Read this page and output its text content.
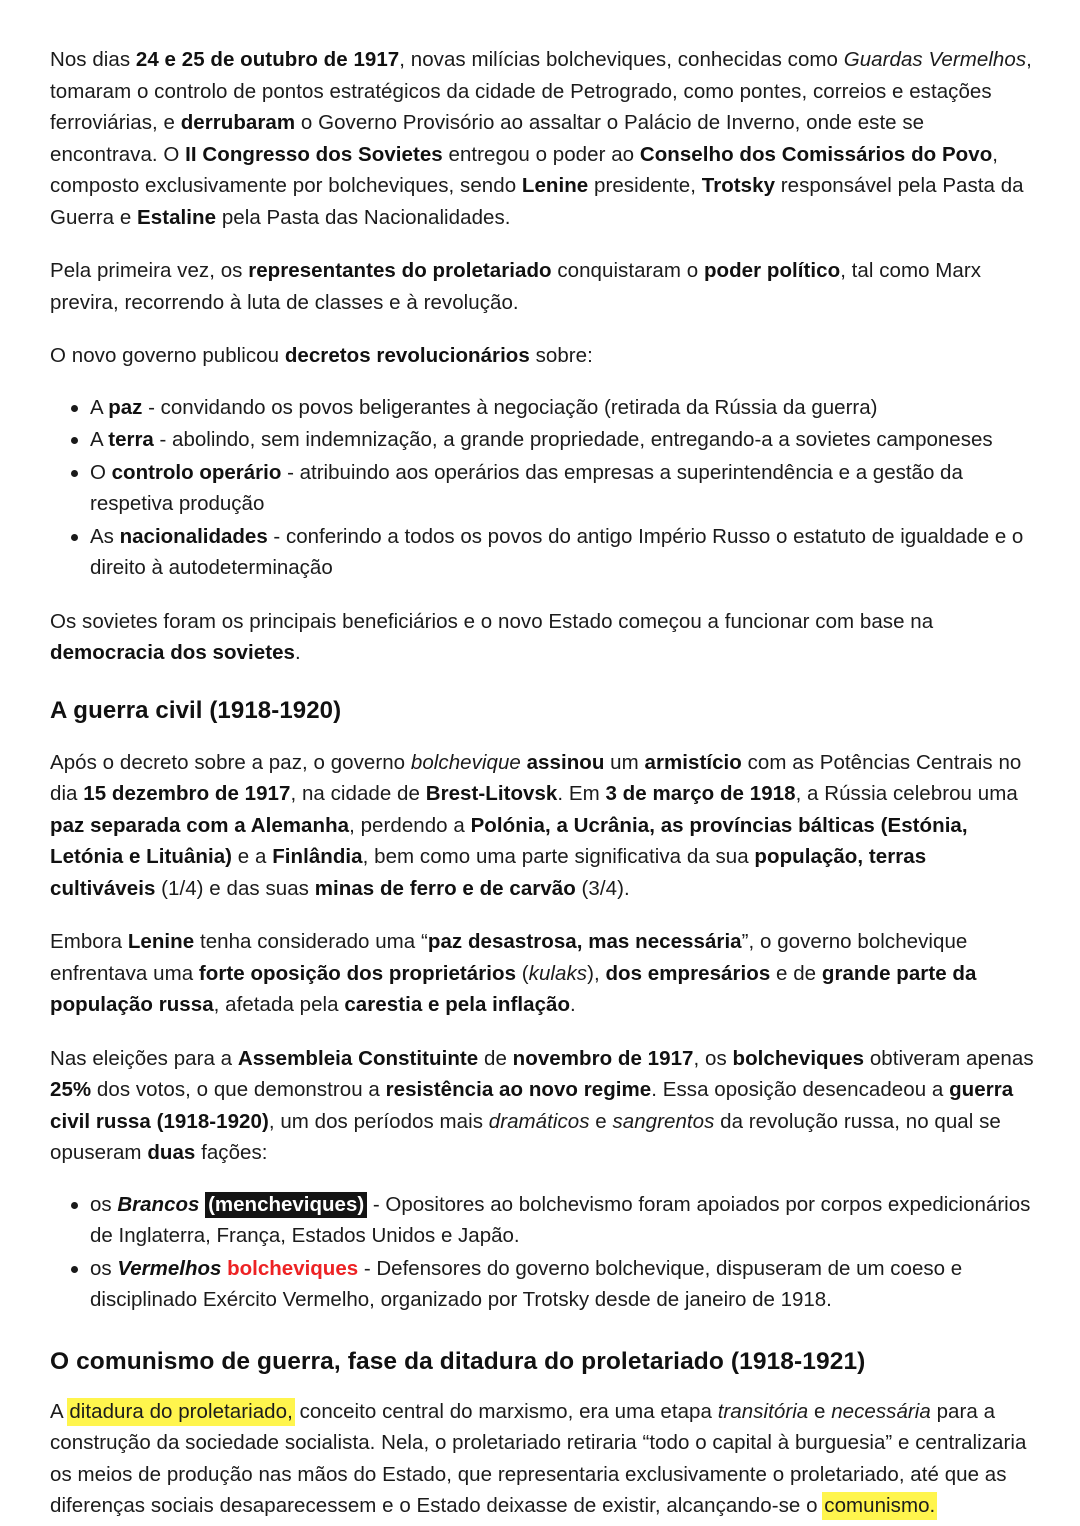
Nos dias 24 e 25 de outubro de 1917, novas milícias bolcheviques, conhecidas como Guardas Vermelhos, tomaram o controlo de pontos estratégicos da cidade de Petrogrado, como pontes, correios e estações ferroviárias, e derrubaram o Governo Provisório ao assaltar o Palácio de Inverno, onde este se encontrava. O II Congresso dos Sovietes entregou o poder ao Conselho dos Comissários do Povo, composto exclusivamente por bolcheviques, sendo Lenine presidente, Trotsky responsável pela Pasta da Guerra e Estaline pela Pasta das Nacionalidades.

Pela primeira vez, os representantes do proletariado conquistaram o poder político, tal como Marx previra, recorrendo à luta de classes e à revolução.

O novo governo publicou decretos revolucionários sobre:

A paz - convidando os povos beligerantes à negociação (retirada da Rússia da guerra)
A terra - abolindo, sem indemnização, a grande propriedade, entregando-a a sovietes camponeses
O controlo operário - atribuindo aos operários das empresas a superintendência e a gestão da respetiva produção
As nacionalidades - conferindo a todos os povos do antigo Império Russo o estatuto de igualdade e o direito à autodeterminação

Os sovietes foram os principais beneficiários e o novo Estado começou a funcionar com base na democracia dos sovietes.

A guerra civil (1918-1920)

Após o decreto sobre a paz, o governo bolchevique assinou um armistício com as Potências Centrais no dia 15 dezembro de 1917, na cidade de Brest-Litovsk. Em 3 de março de 1918, a Rússia celebrou uma paz separada com a Alemanha, perdendo a Polónia, a Ucrânia, as províncias bálticas (Estónia, Letónia e Lituânia) e a Finlândia, bem como uma parte significativa da sua população, terras cultiváveis (1/4) e das suas minas de ferro e de carvão (3/4).

Embora Lenine tenha considerado uma “paz desastrosa, mas necessária”, o governo bolchevique enfrentava uma forte oposição dos proprietários (kulaks), dos empresários e de grande parte da população russa, afetada pela carestia e pela inflação.

Nas eleições para a Assembleia Constituinte de novembro de 1917, os bolcheviques obtiveram apenas 25% dos votos, o que demonstrou a resistência ao novo regime. Essa oposição desencadeou a guerra civil russa (1918-1920), um dos períodos mais dramáticos e sangrentos da revolução russa, no qual se opuseram duas fações:

os Brancos (mencheviques) - Opositores ao bolchevismo foram apoiados por corpos expedicionários de Inglaterra, França, Estados Unidos e Japão.
os Vermelhos bolcheviques - Defensores do governo bolchevique, dispuseram de um coeso e disciplinado Exército Vermelho, organizado por Trotsky desde de janeiro de 1918.
O comunismo de guerra, fase da ditadura do proletariado (1918-1921)

A ditadura do proletariado, conceito central do marxismo, era uma etapa transitória e necessária para a construção da sociedade socialista. Nela, o proletariado retiraria “todo o capital à burguesia” e centralizaria os meios de produção nas mãos do Estado, que representaria exclusivamente o proletariado, até que as diferenças sociais desaparecessem e o Estado deixasse de existir, alcançando-se o comunismo.
